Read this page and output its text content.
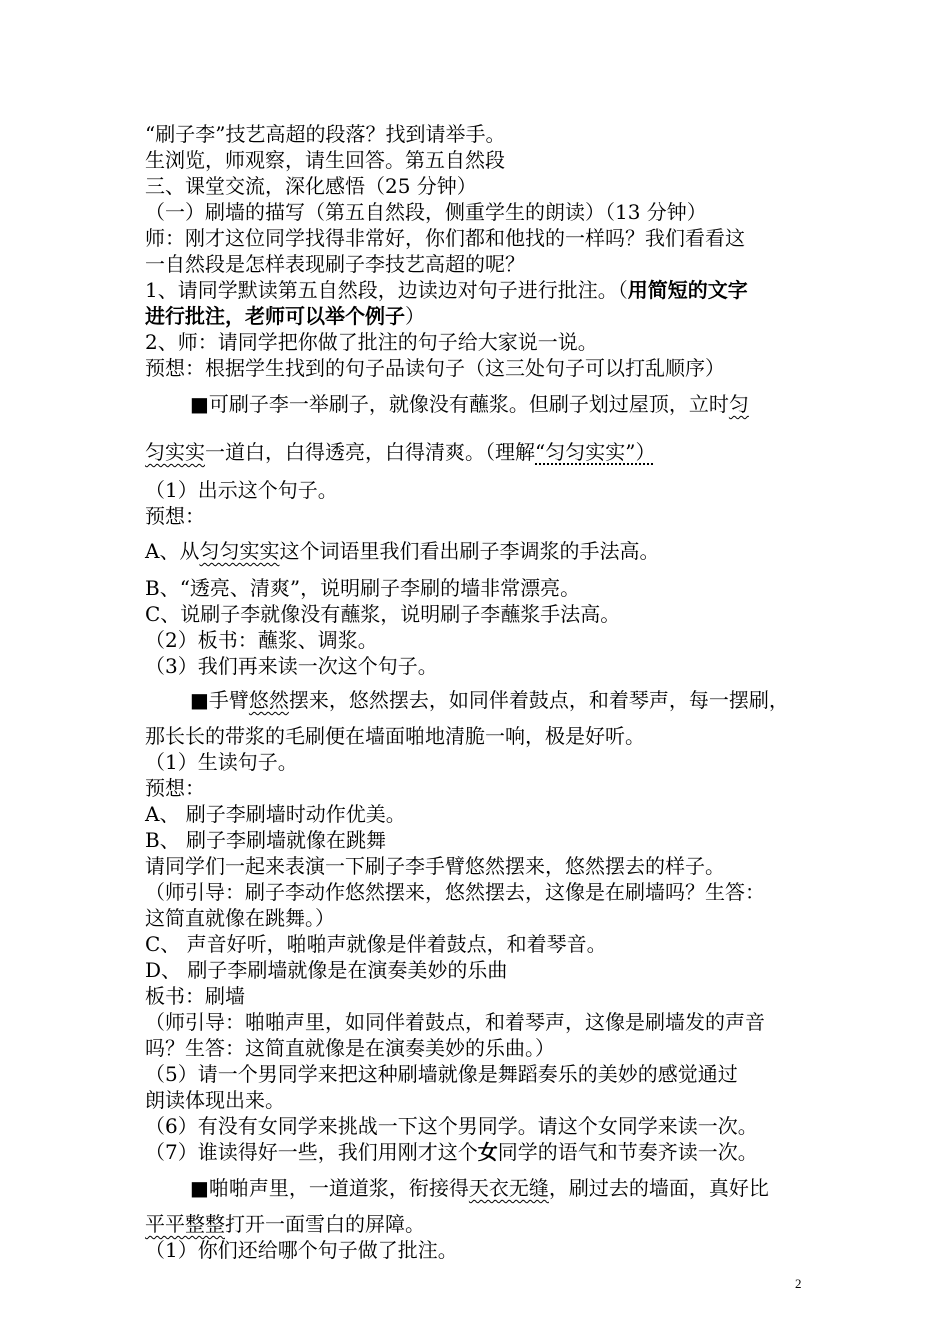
“刷子李”技艺高超的段落？找到请举手。
生浏览，师观察，请生回答。第五自然段
三、课堂交流，深化感悟（25 分钟）
（一）刷墙的描写（第五自然段，侧重学生的朗读）（13 分钟）
师：刚才这位同学找得非常好，你们都和他找的一样吗？我们看看这
一自然段是怎样表现刷子李技艺高超的呢？
1、请同学默读第五自然段，边读边对句子进行批注。（用简短的文字
进行批注，老师可以举个例子）
2、师：请同学把你做了批注的句子给大家说一说。
预想：根据学生找到的句子品读句子（这三处句子可以打乱顺序）
■可刷子李一举刷子，就像没有蘸浆。但刷子划过屋顶，立时匀
匀实实一道白，白得透亮，白得清爽。（理解“匀匀实实”）
（1）出示这个句子。
预想：
A、从匀匀实实这个词语里我们看出刷子李调浆的手法高。
B、“透亮、清爽”，说明刷子李刷的墙非常漂亮。
C、说刷子李就像没有蘸浆，说明刷子李蘸浆手法高。
（2）板书：蘸浆、调浆。
（3）我们再来读一次这个句子。
■手臂悠然摆来，悠然摆去，如同伴着鼓点，和着琴声，每一摆刷，
那长长的带浆的毛刷便在墙面啪地清脆一响，极是好听。
（1）生读句子。
预想：
A、 刷子李刷墙时动作优美。
B、 刷子李刷墙就像在跳舞
请同学们一起来表演一下刷子李手臂悠然摆来，悠然摆去的样子。
（师引导：刷子李动作悠然摆来，悠然摆去，这像是在刷墙吗？生答：
这简直就像在跳舞。）
C、 声音好听，啪啪声就像是伴着鼓点，和着琴音。
D、 刷子李刷墙就像是在演奏美妙的乐曲
板书：刷墙
（师引导：啪啪声里，如同伴着鼓点，和着琴声，这像是刷墙发的声音
吗？生答：这简直就像是在演奏美妙的乐曲。）
（5）请一个男同学来把这种刷墙就像是舞蹈奏乐的美妙的感觉通过
朗读体现出来。
（6）有没有女同学来挑战一下这个男同学。请这个女同学来读一次。
（7）谁读得好一些，我们用刚才这个女同学的语气和节奏齐读一次。
■啪啪声里，一道道浆，衔接得天衣无缝，刷过去的墙面，真好比
平平整整打开一面雪白的屏障。
（1）你们还给哪个句子做了批注。
2
